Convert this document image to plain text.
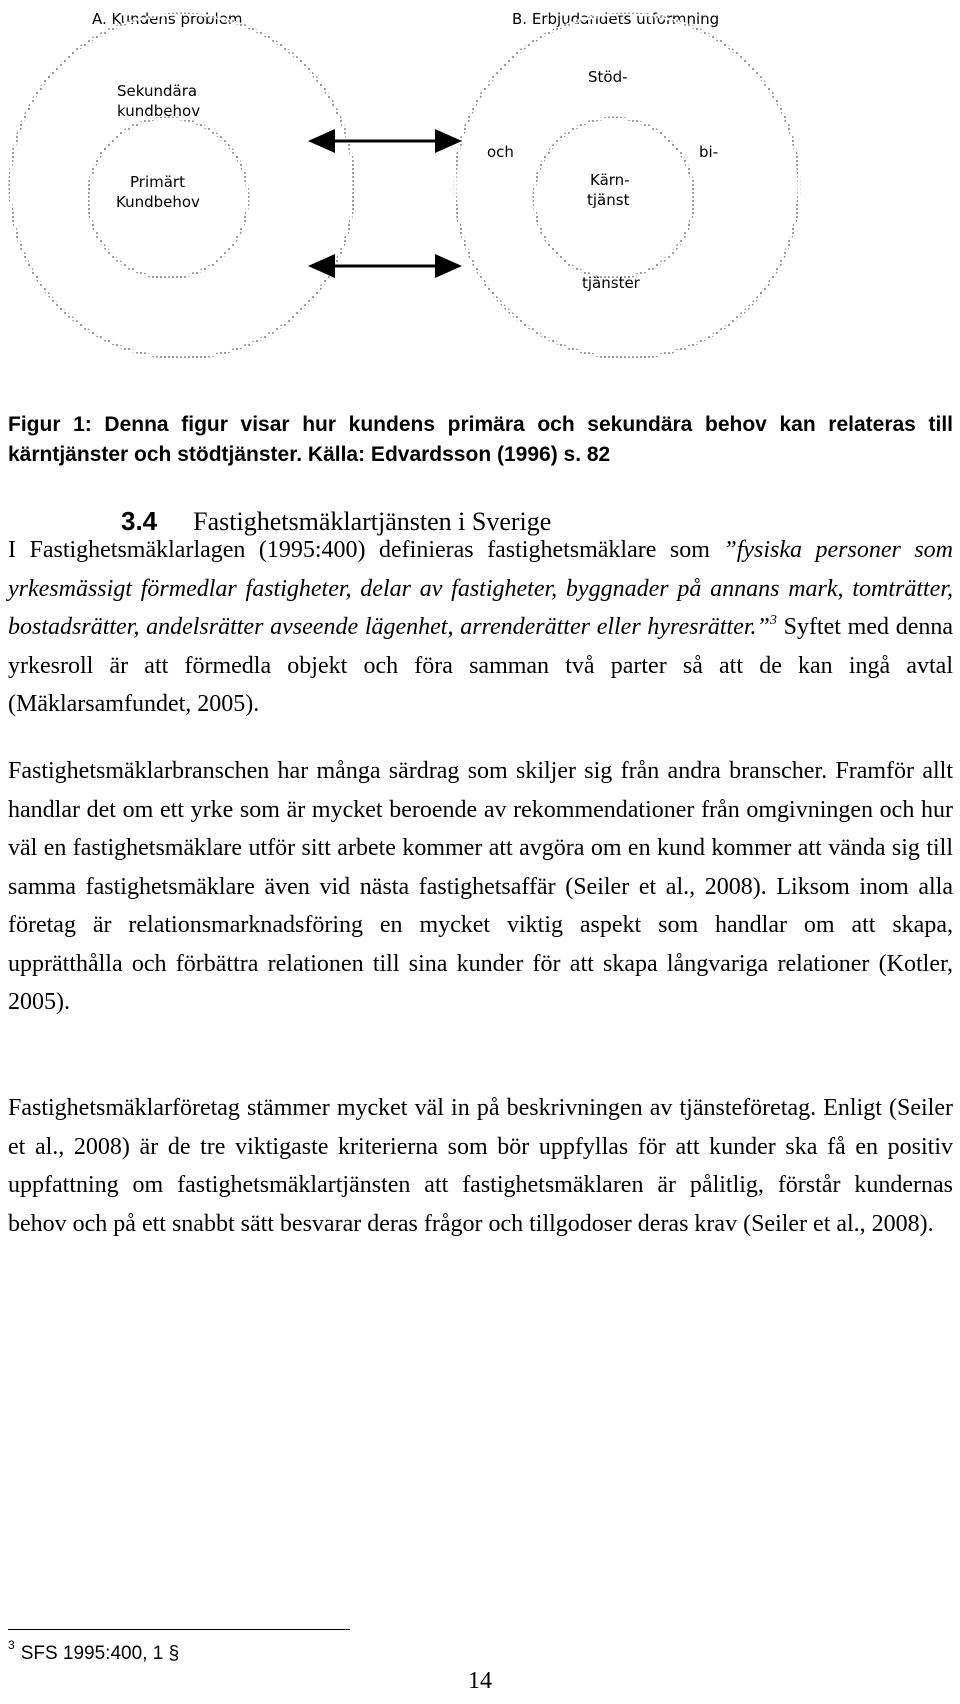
A. Kundens problem	B. Erbjudandets utformning
Sekundära
kundbehov
Primärt
Kundbehov
Stöd-
och	bi-
Kärn-
tjänst
tjänster
Figur 1: Denna figur visar hur kundens primära och sekundära behov kan relateras till kärntjänster och stödtjänster. Källa: Edvardsson (1996) s. 82
3.4 Fastighetsmäklartjänsten i Sverige
I Fastighetsmäklarlagen (1995:400) definieras fastighetsmäklare som ”fysiska personer som yrkesmässigt förmedlar fastigheter, delar av fastigheter, byggnader på annans mark, tomträtter, bostadsrätter, andelsrätter avseende lägenhet, arrenderätter eller hyresrätter.”$^3$ Syftet med denna yrkesroll är att förmedla objekt och föra samman två parter så att de kan ingå avtal (Mäklarsamfundet, 2005).
Fastighetsmäklarbranschen har många särdrag som skiljer sig från andra branscher. Framför allt handlar det om ett yrke som är mycket beroende av rekommendationer från omgivningen och hur väl en fastighetsmäklare utför sitt arbete kommer att avgöra om en kund kommer att vända sig till samma fastighetsmäklare även vid nästa fastighetsaffär (Seiler et al., 2008). Liksom inom alla företag är relationsmarknadsföring en mycket viktig aspekt som handlar om att skapa, upprätthålla och förbättra relationen till sina kunder för att skapa långvariga relationer (Kotler, 2005).
Fastighetsmäklarföretag stämmer mycket väl in på beskrivningen av tjänsteföretag. Enligt (Seiler et al., 2008) är de tre viktigaste kriterierna som bör uppfyllas för att kunder ska få en positiv uppfattning om fastighetsmäklartjänsten att fastighetsmäklaren är pålitlig, förstår kundernas behov och på ett snabbt sätt besvarar deras frågor och tillgodoser deras krav (Seiler et al., 2008).
$^3$ SFS 1995:400, 1 §
14
